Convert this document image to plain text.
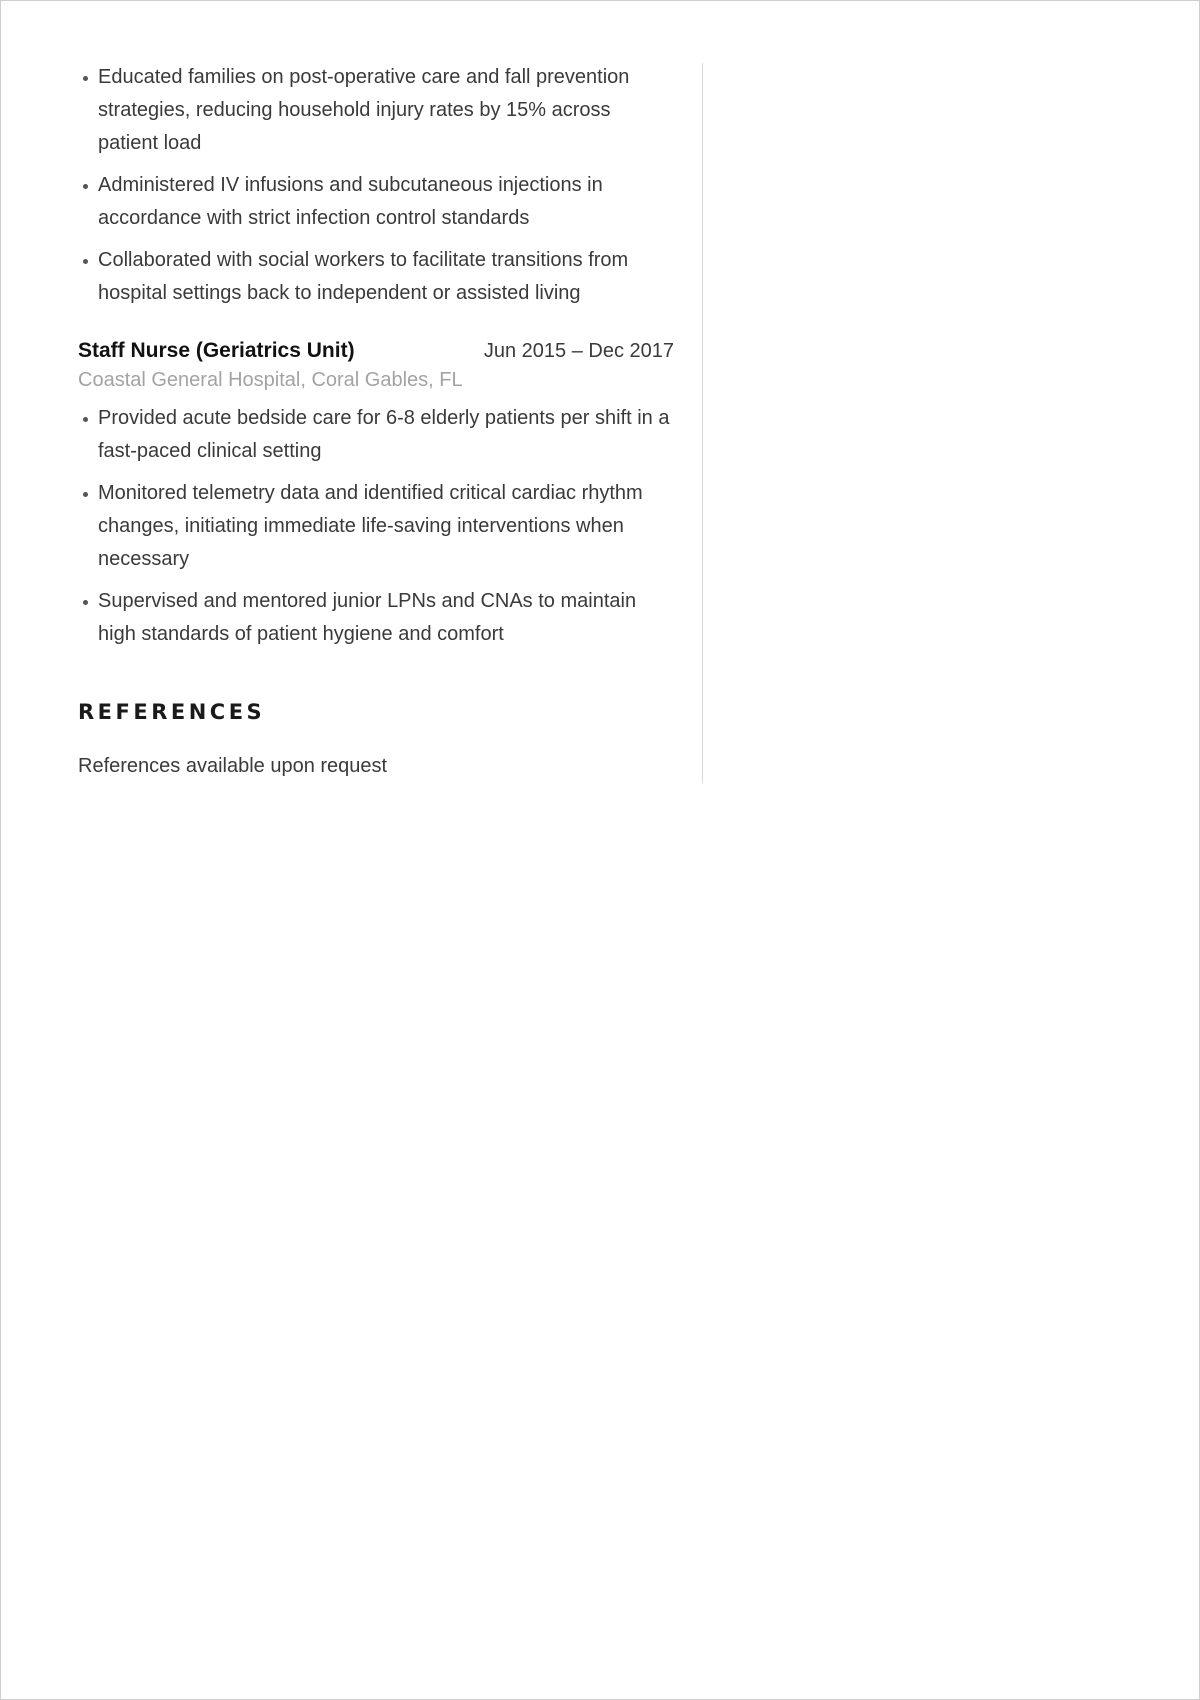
Educated families on post-operative care and fall prevention strategies, reducing household injury rates by 15% across patient load
Administered IV infusions and subcutaneous injections in accordance with strict infection control standards
Collaborated with social workers to facilitate transitions from hospital settings back to independent or assisted living
Staff Nurse (Geriatrics Unit)	Jun 2015 – Dec 2017
Coastal General Hospital, Coral Gables, FL
Provided acute bedside care for 6-8 elderly patients per shift in a fast-paced clinical setting
Monitored telemetry data and identified critical cardiac rhythm changes, initiating immediate life-saving interventions when necessary
Supervised and mentored junior LPNs and CNAs to maintain high standards of patient hygiene and comfort
REFERENCES
References available upon request
